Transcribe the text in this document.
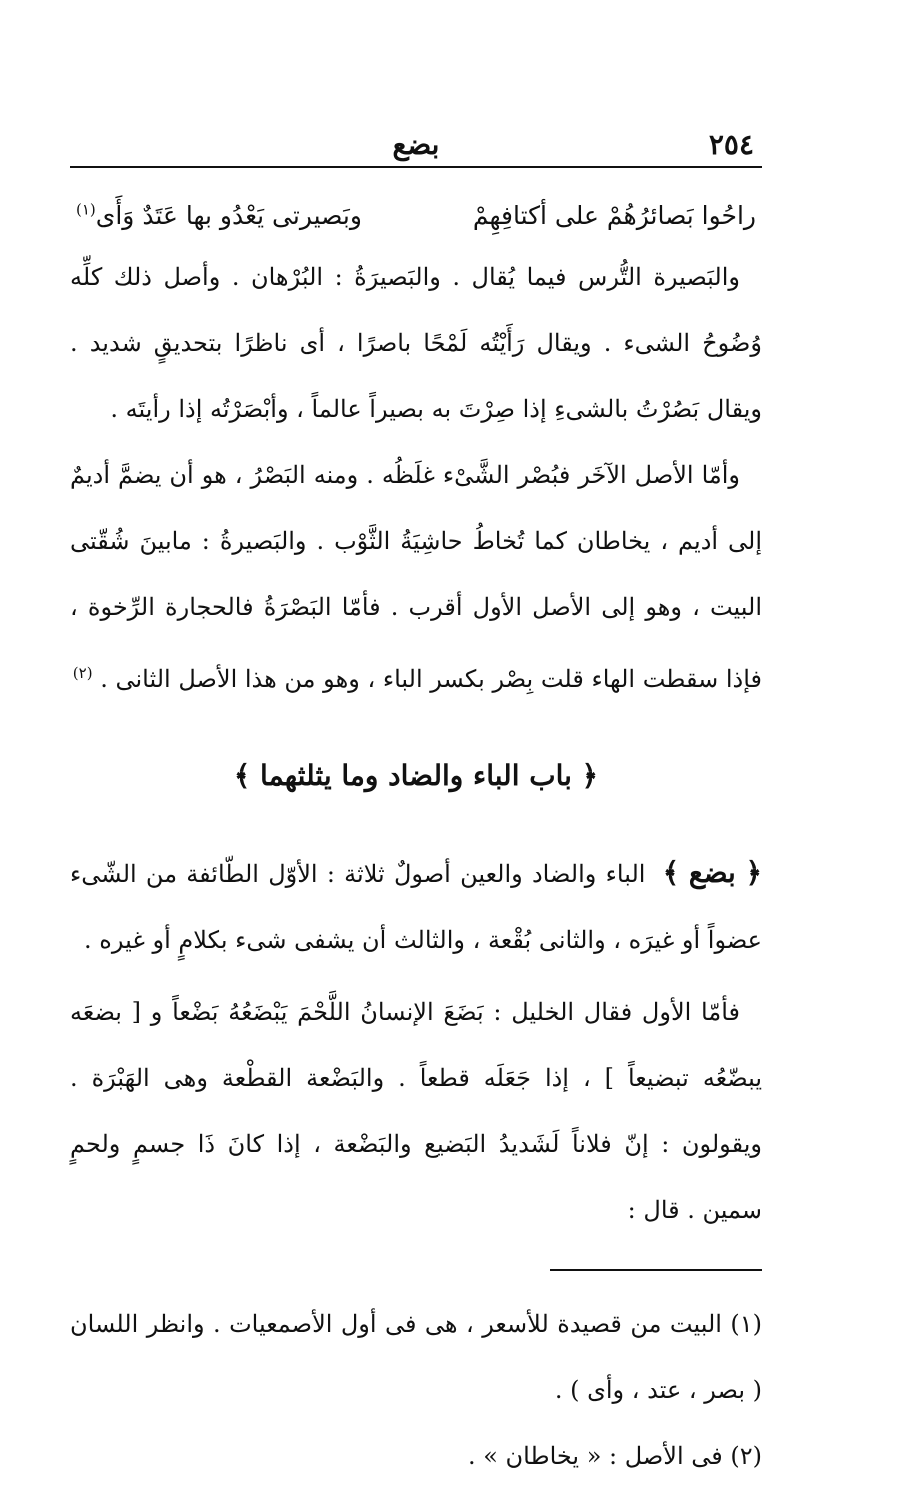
٢٥٤
بضع
راحُوا بَصائرُهُمْ على أكتافِهِمْ
وبَصيرتى يَعْدُو بها عَتَدٌ وَأَى$^{(١)}$

والبَصيرة التُّرس فيما يُقال . والبَصيرَةُ : البُرْهان . وأصل ذلك كلِّه وُضُوحُ الشىء . ويقال رَأَيْتُه لَمْحًا باصرًا ، أى ناظرًا بتحديقٍ شديد . ويقال بَصُرْتُ بالشىءِ إذا صِرْتَ به بصيراً عالماً ، وأبْصَرْتُه إذا رأيتَه .

وأمّا الأصل الآخَر فبُصْر الشَّىْء غلَظُه . ومنه البَصْرُ ، هو أن يضمَّ أديمٌ إلى أديم ، يخاطان كما تُخاطُ حاشِيَةُ الثَّوْب . والبَصيرةُ : مابينَ شُقّتى البيت ، وهو إلى الأصل الأول أقرب . فأمّا البَصْرَةُ فالحجارة الرِّخوة ، فإذا سقطت الهاء قلت بِصْر بكسر الباء ، وهو من هذا الأصل الثانى . $^{(٢)}$

﴿ باب الباء والضاد وما يثلثهما ﴾

﴿ بضع ﴾ الباء والضاد والعين أصولٌ ثلاثة : الأوّل الطّائفة من الشّىء عضواً أو غيرَه ، والثانى بُقْعة ، والثالث أن يشفى شىء بكلامٍ أو غيره .

فأمّا الأول فقال الخليل : بَضَعَ الإنسانُ اللَّحْمَ يَبْضَعُهُ بَضْعاً و [ بضعَه يبضّعُه تبضيعاً ] ، إذا جَعَلَه قطعاً . والبَضْعة القطْعة وهى الهَبْرَة . ويقولون : إنّ فلاناً لَشَديدُ البَضيع والبَضْعة ، إذا كانَ ذَا جسمٍ ولحمٍ سمين . قال :

(١) البيت من قصيدة للأسعر ، هى فى أول الأصمعيات . وانظر اللسان ( بصر ، عتد ، وأى ) .

(٢) فى الأصل : « يخاطان » .
